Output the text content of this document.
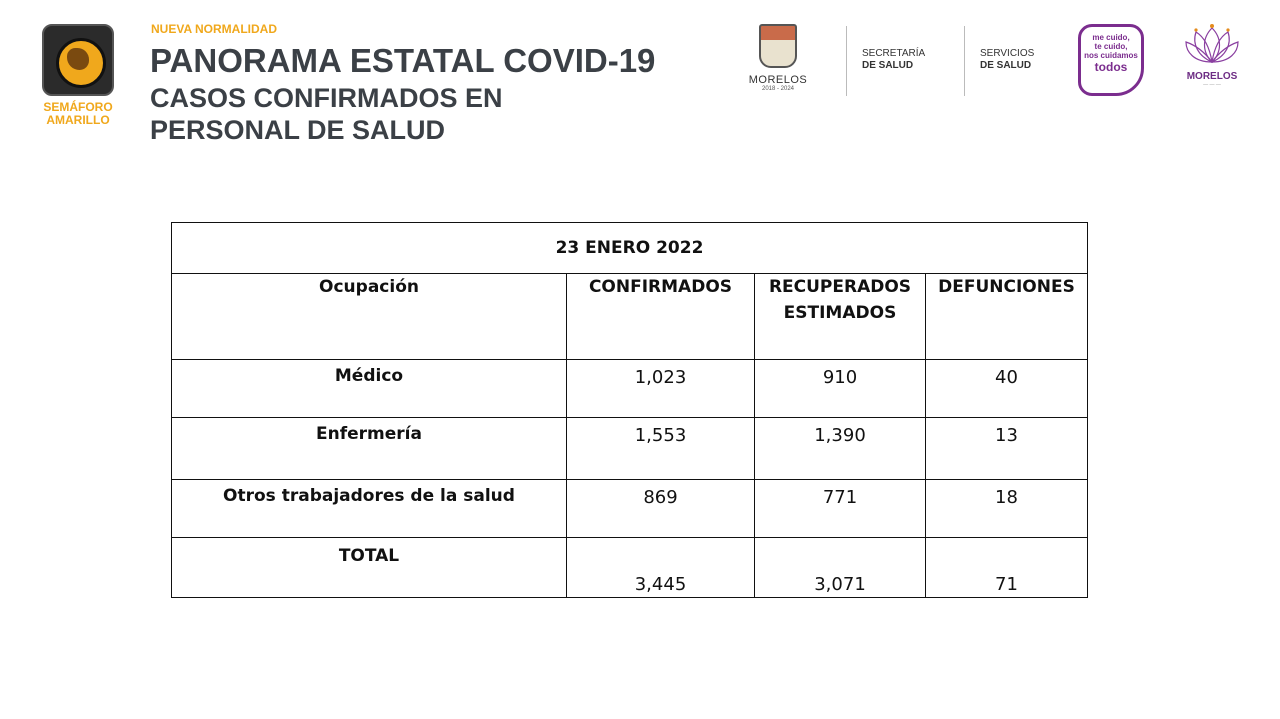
SEMÁFORO
AMARILLO
NUEVA NORMALIDAD
PANORAMA ESTATAL COVID-19
CASOS CONFIRMADOS EN PERSONAL DE SALUD
MORELOS
2018 - 2024
SECRETARÍA
DE SALUD
SERVICIOS
DE SALUD
me cuido,
te cuido,
nos cuidamos
todos
MORELOS
— — —
23 ENERO 2022			
Ocupación	CONFIRMADOS	RECUPERADOS ESTIMADOS	DEFUNCIONES
Médico	1,023	910	40
Enfermería	1,553	1,390	13
Otros trabajadores de la salud	869	771	18
TOTAL	3,445	3,071	71
